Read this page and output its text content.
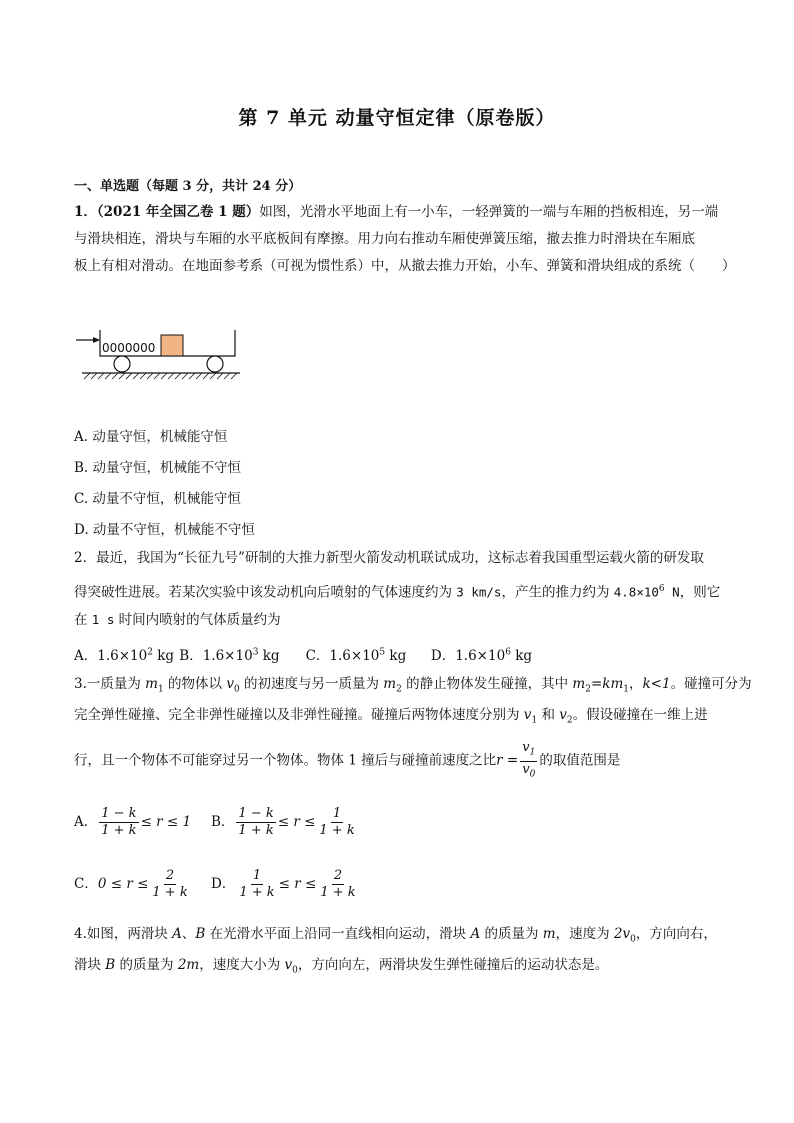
第 7 单元 动量守恒定律（原卷版）
一、单选题（每题 3 分，共计 24 分）
1．（2021 年全国乙卷 1 题）如图，光滑水平地面上有一小车，一轻弹簧的一端与车厢的挡板相连，另一端
与滑块相连，滑块与车厢的水平底板间有摩擦。用力向右推动车厢使弹簧压缩，撤去推力时滑块在车厢底
板上有相对滑动。在地面参考系（可视为惯性系）中，从撤去推力开始，小车、弹簧和滑块组成的系统（　　）
0000000
A. 动量守恒，机械能守恒
B. 动量守恒，机械能不守恒
C. 动量不守恒，机械能守恒
D. 动量不守恒，机械能不守恒
2．最近，我国为“长征九号”研制的大推力新型火箭发动机联试成功，这标志着我国重型运载火箭的研发取
得突破性进展。若某次实验中该发动机向后喷射的气体速度约为 3 km/s，产生的推力约为 $4.8\times 10^6$ N，则它
在 1 s 时间内喷射的气体质量约为
A．$1.6\times 10^2$ kg B．$1.6\times 10^3$ kg C．$1.6\times 10^5$ kg D．$1.6\times 10^6$ kg
3.一质量为 $m_1$ 的物体以 $v_0$ 的初速度与另一质量为 $m_2$ 的静止物体发生碰撞，其中 $m_2=km_1$，k<1。碰撞可分为
完全弹性碰撞、完全非弹性碰撞以及非弹性碰撞。碰撞后两物体速度分别为 $v_1$ 和 $v_2$。假设碰撞在一维上进
行，且一个物体不可能穿过另一个物体。物体 1 撞后与碰撞前速度之比$r = \frac{v_1}{v_0}$ 的取值范围是
A． $\frac{1 - k}{1 + k} \le r \le 1$ B． $\frac{1 - k}{1 + k} \le r \le \frac{1}{1 + k}$
C．$0 \le r \le \frac{2}{1 + k}$ D． $\frac{1}{1 + k} \le r \le \frac{2}{1 + k}$
4.如图，两滑块 A、B 在光滑水平面上沿同一直线相向运动，滑块 A 的质量为 m，速度为 $2v_0$，方向向右，
滑块 B 的质量为 2m，速度大小为 $v_0$，方向向左，两滑块发生弹性碰撞后的运动状态是。
